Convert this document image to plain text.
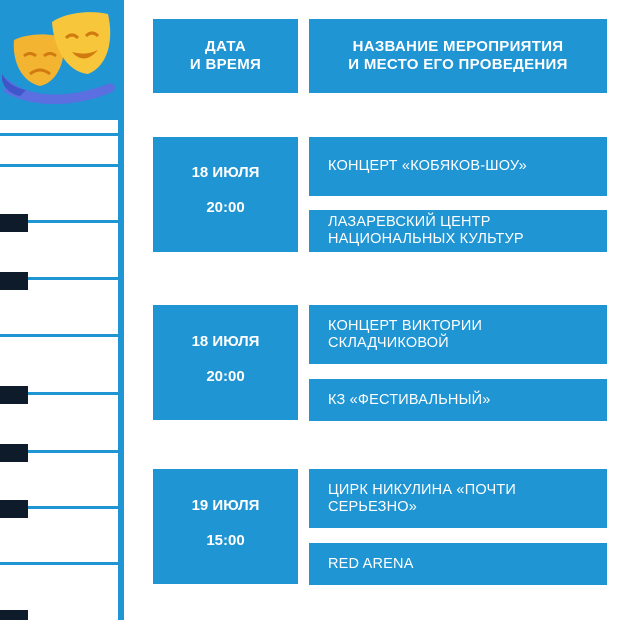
ДАТА
И ВРЕМЯ
НАЗВАНИЕ МЕРОПРИЯТИЯ
И МЕСТО ЕГО ПРОВЕДЕНИЯ
18 ИЮЛЯ
20:00
КОНЦЕРТ «КОБЯКОВ-ШОУ»
ЛАЗАРЕВСКИЙ ЦЕНТР НАЦИОНАЛЬНЫХ КУЛЬТУР
18 ИЮЛЯ
20:00
КОНЦЕРТ ВИКТОРИИ СКЛАДЧИКОВОЙ
КЗ «ФЕСТИВАЛЬНЫЙ»
19 ИЮЛЯ
15:00
ЦИРК НИКУЛИНА «ПОЧТИ СЕРЬЕЗНО»
RED ARENA
